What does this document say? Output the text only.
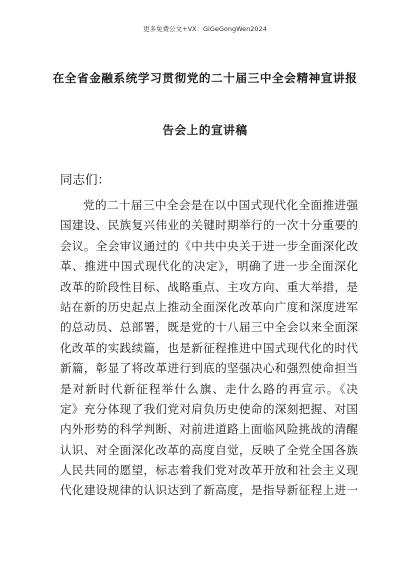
更多免费公文+VX：GiGeGongWen2024
在全省金融系统学习贯彻党的二十届三中全会精神宣讲报
告会上的宣讲稿
同志们：
党的二十届三中全会是在以中国式现代化全面推进强
国建设、民族复兴伟业的关键时期举行的一次十分重要的
会议。全会审议通过的《中共中央关于进一步全面深化改
革、推进中国式现代化的决定》，明确了进一步全面深化
改革的阶段性目标、战略重点、主攻方向、重大举措，是
站在新的历史起点上推动全面深化改革向广度和深度进军
的总动员、总部署，既是党的十八届三中全会以来全面深
化改革的实践续篇，也是新征程推进中国式现代化的时代
新篇，彰显了将改革进行到底的坚强决心和强烈使命担当
是对新时代新征程举什么旗、走什么路的再宣示。《决
定》充分体现了我们党对肩负历史使命的深刻把握、对国
内外形势的科学判断、对前进道路上面临风险挑战的清醒
认识、对全面深化改革的高度自觉，反映了全党全国各族
人民共同的愿望，标志着我们党对改革开放和社会主义现
代化建设规律的认识达到了新高度，是指导新征程上进一
